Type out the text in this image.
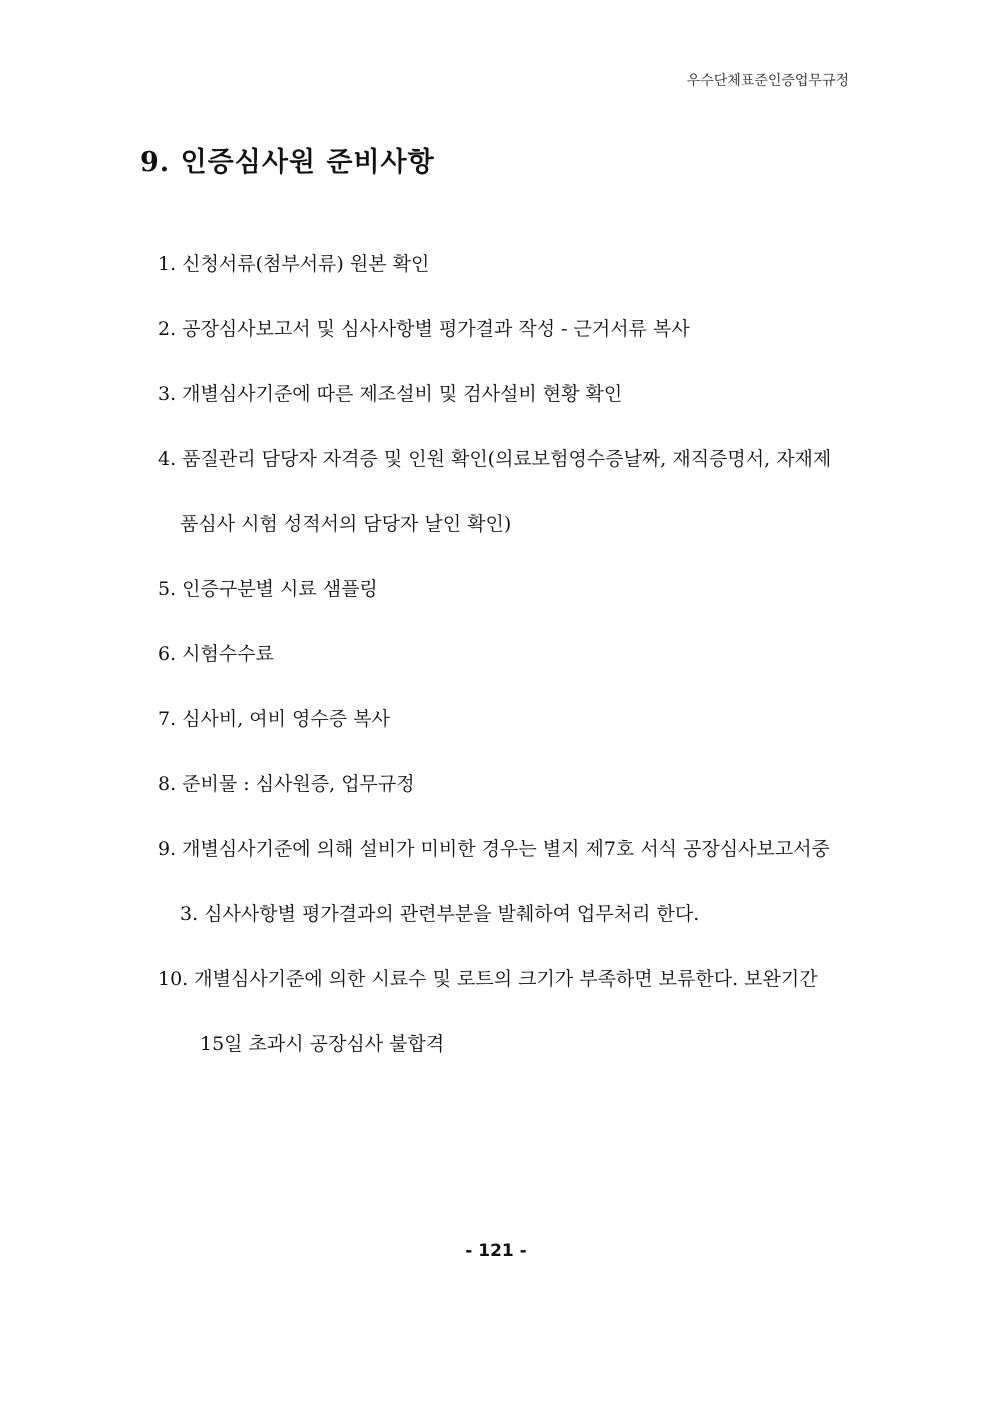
우수단체표준인증업무규정
9. 인증심사원 준비사항
1. 신청서류(첨부서류) 원본 확인
2. 공장심사보고서 및 심사사항별 평가결과 작성 - 근거서류 복사
3. 개별심사기준에 따른 제조설비 및 검사설비 현황 확인
4. 품질관리 담당자 자격증 및 인원 확인(의료보험영수증날짜, 재직증명서, 자재제
품심사 시험 성적서의 담당자 날인 확인)
5. 인증구분별 시료 샘플링
6. 시험수수료
7. 심사비, 여비 영수증 복사
8. 준비물 : 심사원증, 업무규정
9. 개별심사기준에 의해 설비가 미비한 경우는 별지 제7호 서식 공장심사보고서중
3. 심사사항별 평가결과의 관련부분을 발췌하여 업무처리 한다.
10. 개별심사기준에 의한 시료수 및 로트의 크기가 부족하면 보류한다. 보완기간
15일 초과시 공장심사 불합격
- 121 -
